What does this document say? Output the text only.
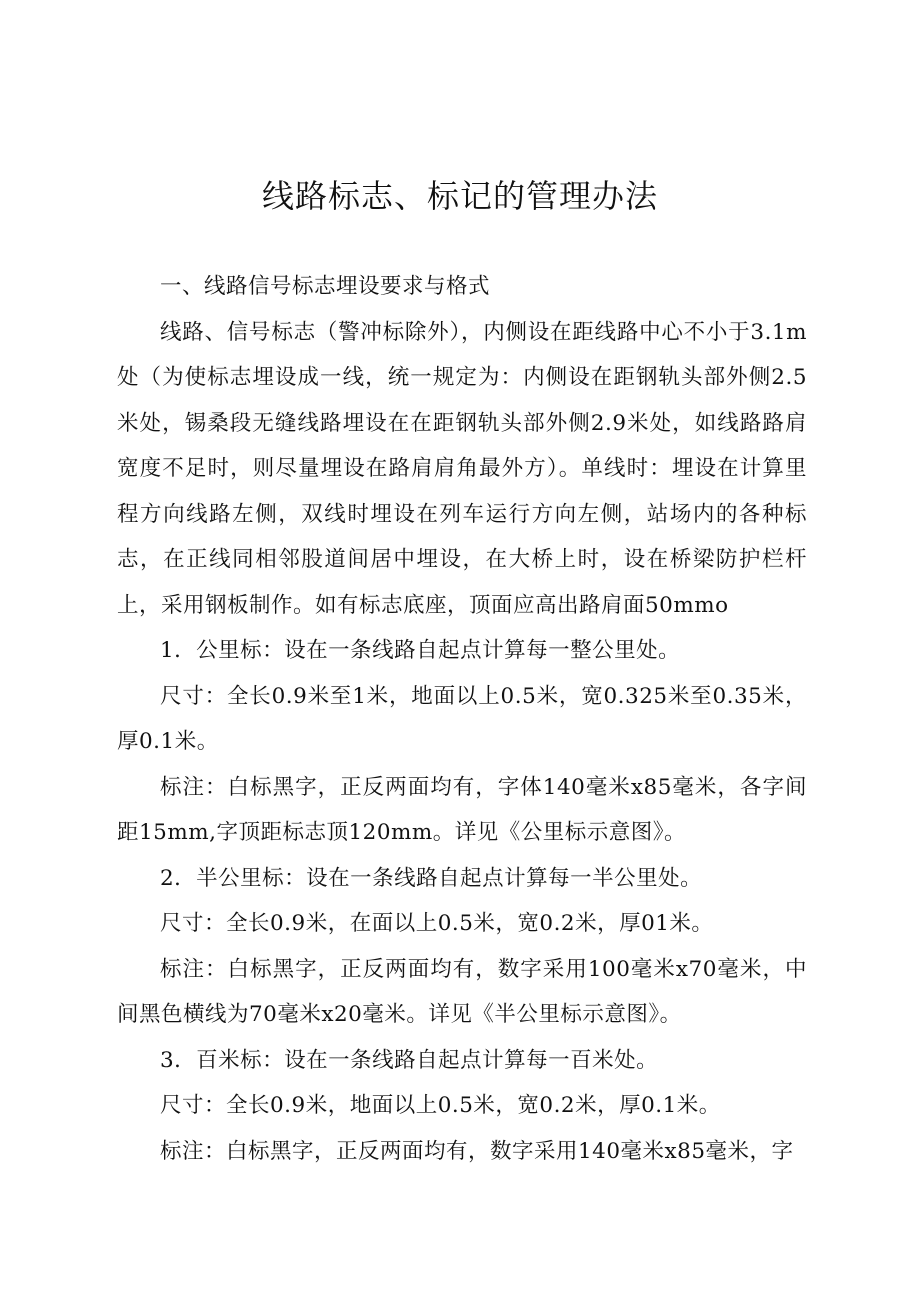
线路标志、标记的管理办法

一、线路信号标志埋设要求与格式

线路、信号标志（警冲标除外），内侧设在距线路中心不小于3.1m处（为使标志埋设成一线，统一规定为：内侧设在距钢轨头部外侧2.5米处，锡桑段无缝线路埋设在在距钢轨头部外侧2.9米处，如线路路肩宽度不足时，则尽量埋设在路肩肩角最外方）。单线时：埋设在计算里程方向线路左侧，双线时埋设在列车运行方向左侧，站场内的各种标志，在正线同相邻股道间居中埋设，在大桥上时，设在桥梁防护栏杆上，采用钢板制作。如有标志底座，顶面应高出路肩面50mmo

1．公里标：设在一条线路自起点计算每一整公里处。

尺寸：全长0.9米至1米，地面以上0.5米，宽0.325米至0.35米，厚0.1米。

标注：白标黑字，正反两面均有，字体140毫米x85毫米，各字间距15mm,字顶距标志顶120mm。详见《公里标示意图》。

2．半公里标：设在一条线路自起点计算每一半公里处。

尺寸：全长0.9米，在面以上0.5米，宽0.2米，厚01米。

标注：白标黑字，正反两面均有，数字采用100毫米x70毫米，中间黑色横线为70毫米x20毫米。详见《半公里标示意图》。

3．百米标：设在一条线路自起点计算每一百米处。

尺寸：全长0.9米，地面以上0.5米，宽0.2米，厚0.1米。

标注：白标黑字，正反两面均有，数字采用140毫米x85毫米，字
